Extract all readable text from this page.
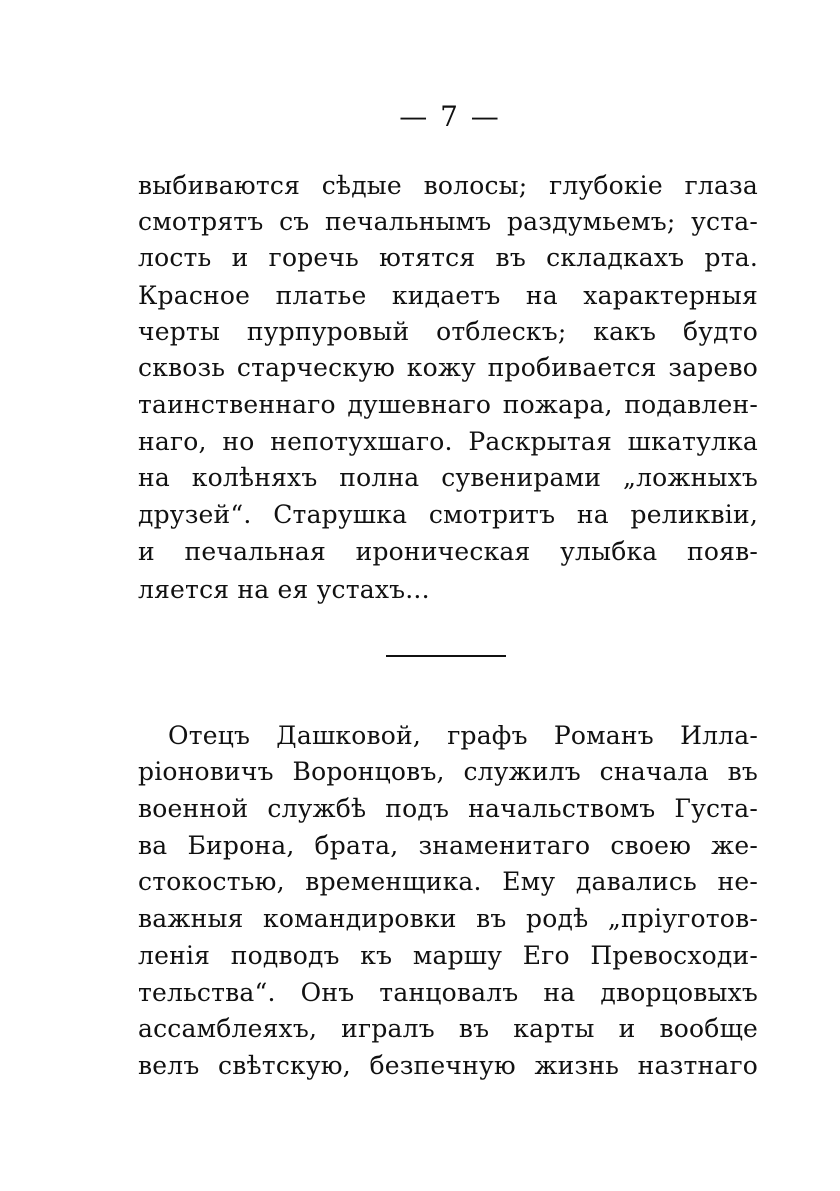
— 7 —
выбиваются сѣдые волосы; глубокіе глаза
смотрятъ съ печальнымъ раздумьемъ; уста-
лость и горечь ютятся въ складкахъ рта.
Красное платье кидаетъ на характерныя
черты пурпуровый отблескъ; какъ будто
сквозь старческую кожу пробивается зарево
таинственнаго душевнаго пожара, подавлен-
наго, но непотухшаго. Раскрытая шкатулка
на колѣняхъ полна сувенирами „ложныхъ
друзей“. Старушка смотритъ на реликвіи,
и печальная ироническая улыбка появ-
ляется на ея устахъ...
Отецъ Дашковой, графъ Романъ Илла-
ріоновичъ Воронцовъ, служилъ сначала въ
военной службѣ подъ начальствомъ Густа-
ва Бирона, брата, знаменитаго своею же-
стокостью, временщика. Ему давались не-
важныя командировки въ родѣ „пріуготов-
ленія подводъ къ маршу Его Превосходи-
тельства“. Онъ танцовалъ на дворцовыхъ
ассамблеяхъ, игралъ въ карты и вообще
велъ свѣтскую, безпечную жизнь назтнаго
